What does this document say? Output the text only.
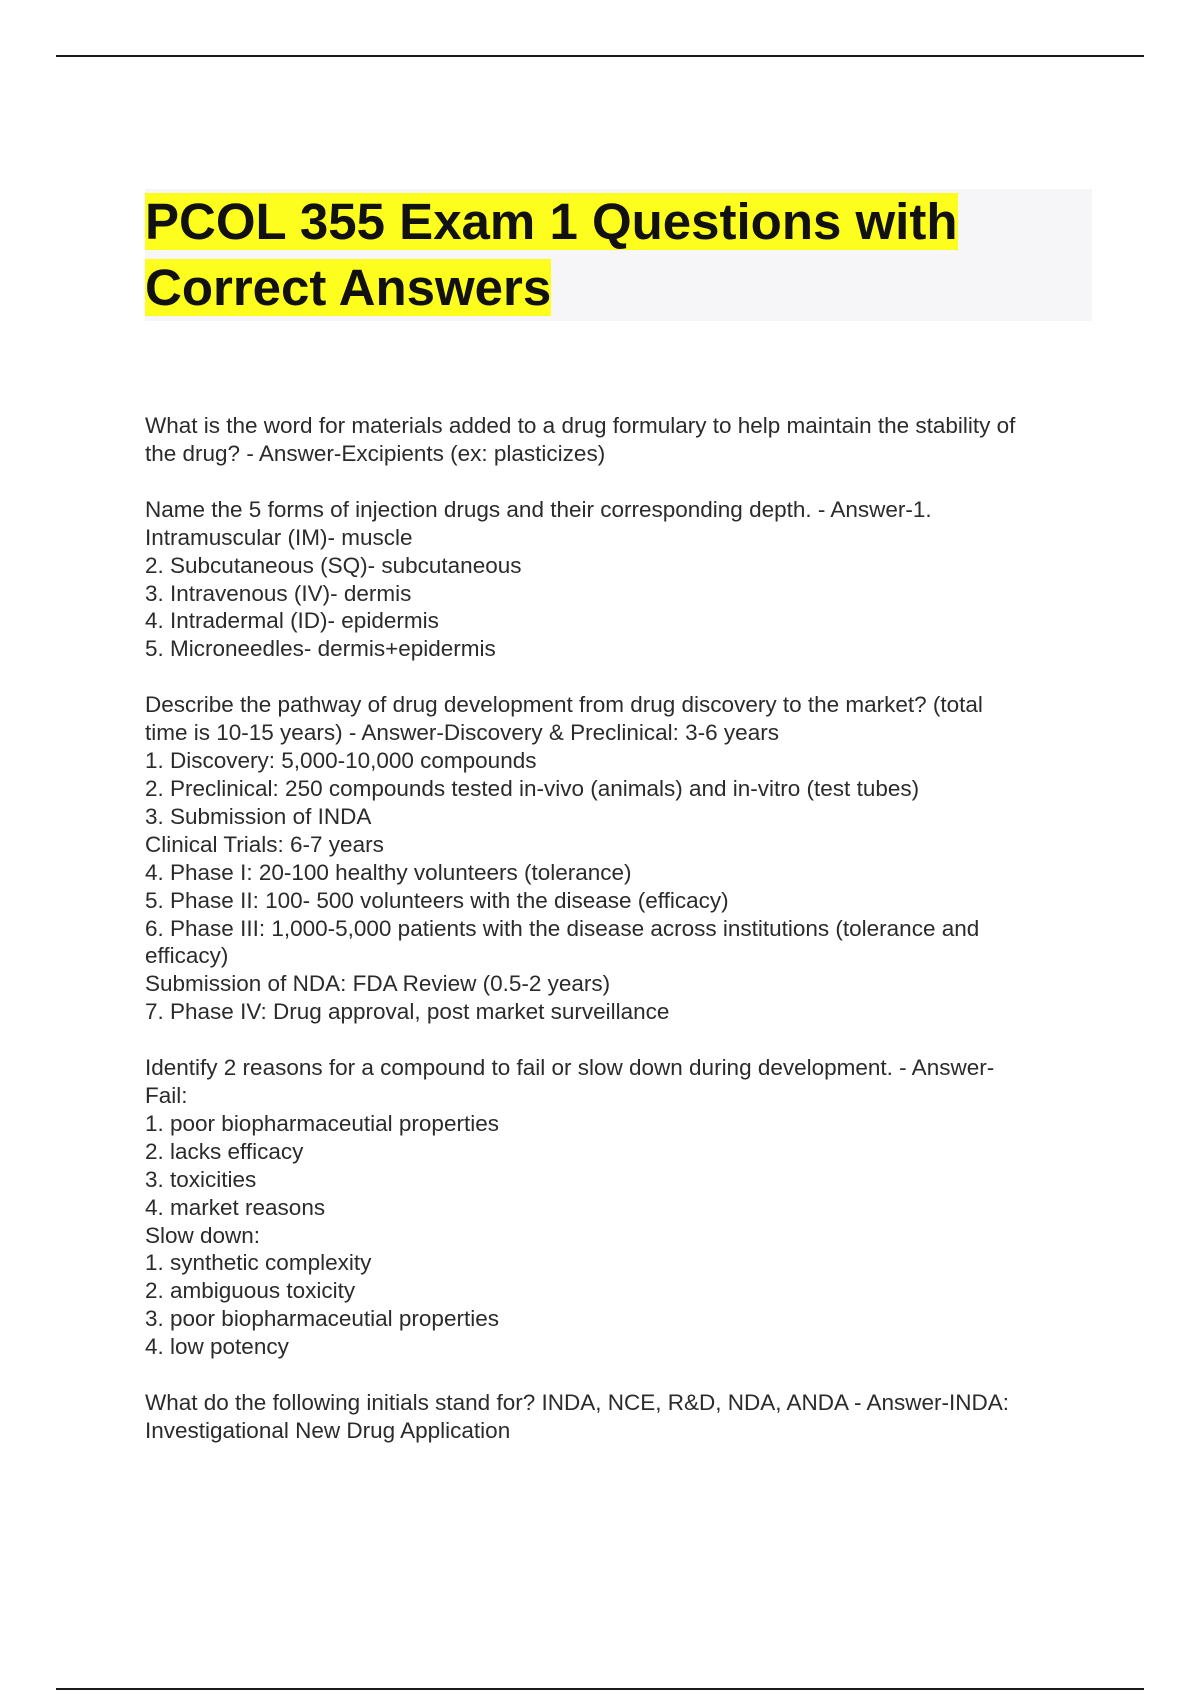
PCOL 355 Exam 1 Questions with
Correct Answers
What is the word for materials added to a drug formulary to help maintain the stability of
the drug? - Answer-Excipients (ex: plasticizes)
Name the 5 forms of injection drugs and their corresponding depth. - Answer-1.
Intramuscular (IM)- muscle
2. Subcutaneous (SQ)- subcutaneous
3. Intravenous (IV)- dermis
4. Intradermal (ID)- epidermis
5. Microneedles- dermis+epidermis
Describe the pathway of drug development from drug discovery to the market? (total
time is 10-15 years) - Answer-Discovery & Preclinical: 3-6 years
1. Discovery: 5,000-10,000 compounds
2. Preclinical: 250 compounds tested in-vivo (animals) and in-vitro (test tubes)
3. Submission of INDA
Clinical Trials: 6-7 years
4. Phase I: 20-100 healthy volunteers (tolerance)
5. Phase II: 100- 500 volunteers with the disease (efficacy)
6. Phase III: 1,000-5,000 patients with the disease across institutions (tolerance and
efficacy)
Submission of NDA: FDA Review (0.5-2 years)
7. Phase IV: Drug approval, post market surveillance
Identify 2 reasons for a compound to fail or slow down during development. - Answer-
Fail:
1. poor biopharmaceutial properties
2. lacks efficacy
3. toxicities
4. market reasons
Slow down:
1. synthetic complexity
2. ambiguous toxicity
3. poor biopharmaceutial properties
4. low potency
What do the following initials stand for? INDA, NCE, R&D, NDA, ANDA - Answer-INDA:
Investigational New Drug Application
